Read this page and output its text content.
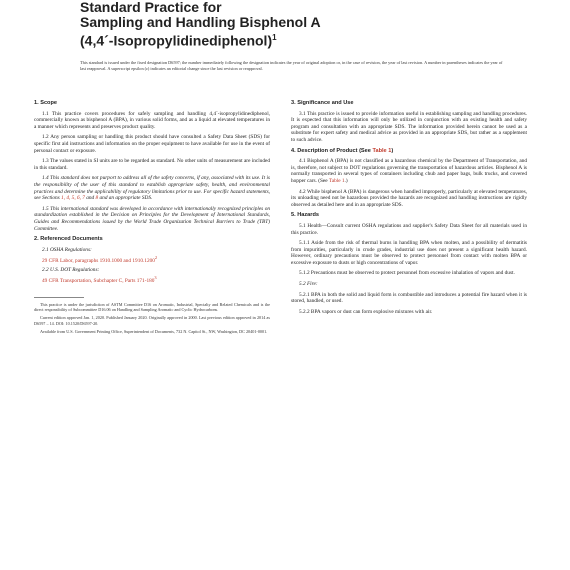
Standard Practice for
Sampling and Handling Bisphenol A
(4,4´-Isopropylidinediphenol)$^1$
This standard is issued under the fixed designation D6597; the number immediately following the designation indicates the year of original adoption or, in the case of revision, the year of last revision. A number in parentheses indicates the year of last reapproval. A superscript epsilon (ε) indicates an editorial change since the last revision or reapproval.
1. Scope
1.1 This practice covers procedures for safely sampling and handling 4,4´-isopropylidinediphenol, commercially known as bisphenol A (BPA), in various solid forms, and as a liquid at elevated temperatures in a manner which represents and preserves product quality.
1.2 Any person sampling or handling this product should have consulted a Safety Data Sheet (SDS) for specific first aid instructions and information on the proper equipment to have available for use in the event of personal contact or exposure.
1.3 The values stated in SI units are to be regarded as standard. No other units of measurement are included in this standard.
1.4 This standard does not purport to address all of the safety concerns, if any, associated with its use. It is the responsibility of the user of this standard to establish appropriate safety, health, and environmental practices and determine the applicability of regulatory limitations prior to use. For specific hazard statements, see Sections 1, 4, 5, 6, 7 and 8 and an appropriate SDS.
1.5 This international standard was developed in accordance with internationally recognized principles on standardization established in the Decision on Principles for the Development of International Standards, Guides and Recommendations issued by the World Trade Organization Technical Barriers to Trade (TBT) Committee.
2. Referenced Documents
2.1 OSHA Regulations:
29 CFR Labor, paragraphs 1910.1000 and 1910.1200$^2$
2.2 U.S. DOT Regulations:
49 CFR Transportation, Subchapter C, Parts $171-180^3$
This practice is under the jurisdiction of ASTM Committee D16 on Aromatic, Industrial, Specialty and Related Chemicals and is the direct responsibility of Subcommittee D16.06 on Handling and Sampling Aromatic and Cyclic Hydrocarbons.
Current edition approved Jan. 1, 2020. Published January 2020. Originally approved in 2000. Last previous edition approved in 2014 as D6597 – 14. DOI: 10.1520/D6597-20.
Available from U.S. Government Printing Office, Superintendent of Documents, 732 N. Capitol St., NW, Washington, DC 20401-0001.
3. Significance and Use
3.1 This practice is issued to provide information useful in establishing sampling and handling procedures. It is expected that this information will only be utilized in conjunction with an existing health and safety program and consultation with an appropriate SDS. The information provided herein cannot be used as a substitute for expert safety and medical advice as provided in an appropriate SDS, but rather as a supplement to such advice.
4. Description of Product (See Table 1)
4.1 Bisphenol A (BPA) is not classified as a hazardous chemical by the Department of Transportation, and is, therefore, not subject to DOT regulations governing the transportation of hazardous articles. Bisphenol A is normally transported in several types of containers including chub and paper bags, bulk trucks, and covered hopper cars. (See Table 1.)
4.2 While bisphenol A (BPA) is dangerous when handled improperly, particularly at elevated temperatures, its unloading need not be hazardous provided the hazards are recognized and handling instructions are rigidly observed as detailed here and in an appropriate SDS.
5. Hazards
5.1 Health—Consult current OSHA regulations and supplier's Safety Data Sheet for all materials used in this practice.
5.1.1 Aside from the risk of thermal burns in handling BPA when molten, and a possibility of dermatitis from impurities, particularly in crude grades, industrial use does not present a significant health hazard. However, ordinary precautions must be observed to protect personnel from contact with molten BPA or excessive exposure to dusts or high concentrations of vapor.
5.1.2 Precautions must be observed to protect personnel from excessive inhalation of vapors and dust.
5.2 Fire:
5.2.1 BPA in both the solid and liquid form is combustible and introduces a potential fire hazard when it is stored, handled, or used.
5.2.2 BPA vapors or dust can form explosive mixtures with air.
